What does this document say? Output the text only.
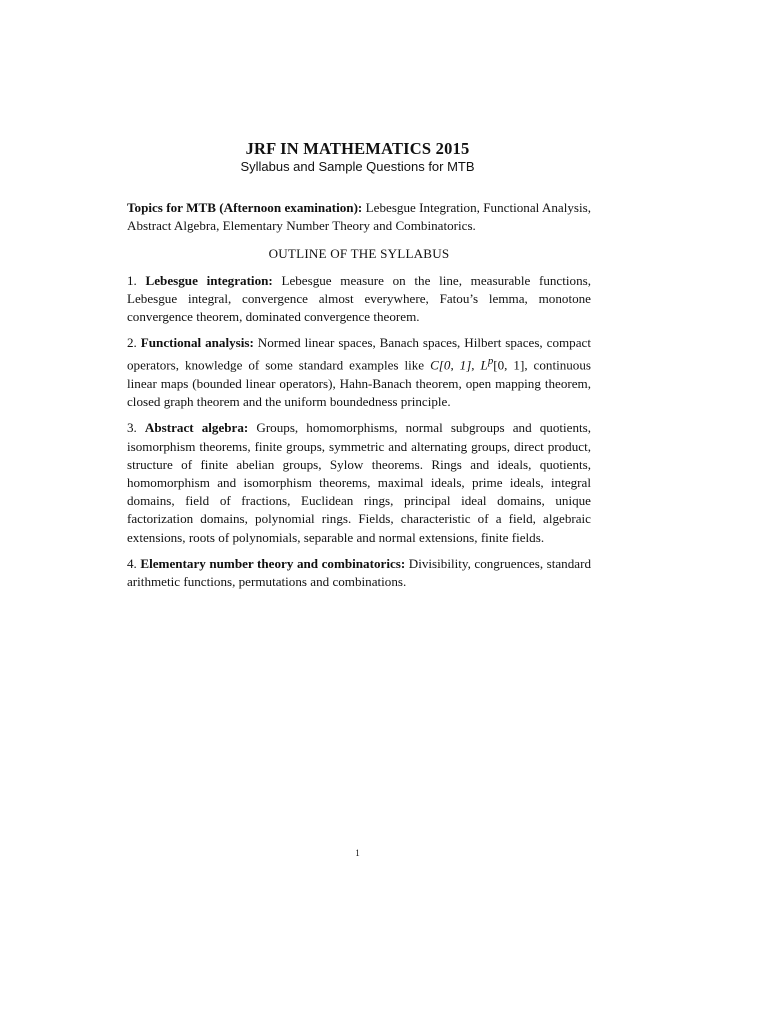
JRF IN MATHEMATICS 2015
Syllabus and Sample Questions for MTB

Topics for MTB (Afternoon examination): Lebesgue Integration, Functional Analysis, Abstract Algebra, Elementary Number Theory and Combinatorics.

OUTLINE OF THE SYLLABUS

1. Lebesgue integration: Lebesgue measure on the line, measurable functions, Lebesgue integral, convergence almost everywhere, Fatou’s lemma, monotone convergence theorem, dominated convergence theorem.

2. Functional analysis: Normed linear spaces, Banach spaces, Hilbert spaces, compact operators, knowledge of some standard examples like C[0, 1], $L^p[0$, 1], continuous linear maps (bounded linear operators), Hahn-Banach theorem, open mapping theorem, closed graph theorem and the uniform boundedness principle.

3. Abstract algebra: Groups, homomorphisms, normal subgroups and quotients, isomorphism theorems, finite groups, symmetric and alternating groups, direct product, structure of finite abelian groups, Sylow theorems. Rings and ideals, quotients, homomorphism and isomorphism theorems, maximal ideals, prime ideals, integral domains, field of fractions, Euclidean rings, principal ideal domains, unique factorization domains, polynomial rings. Fields, characteristic of a field, algebraic extensions, roots of polynomials, separable and normal extensions, finite fields.

4. Elementary number theory and combinatorics: Divisibility, congruences, standard arithmetic functions, permutations and combinations.

1
